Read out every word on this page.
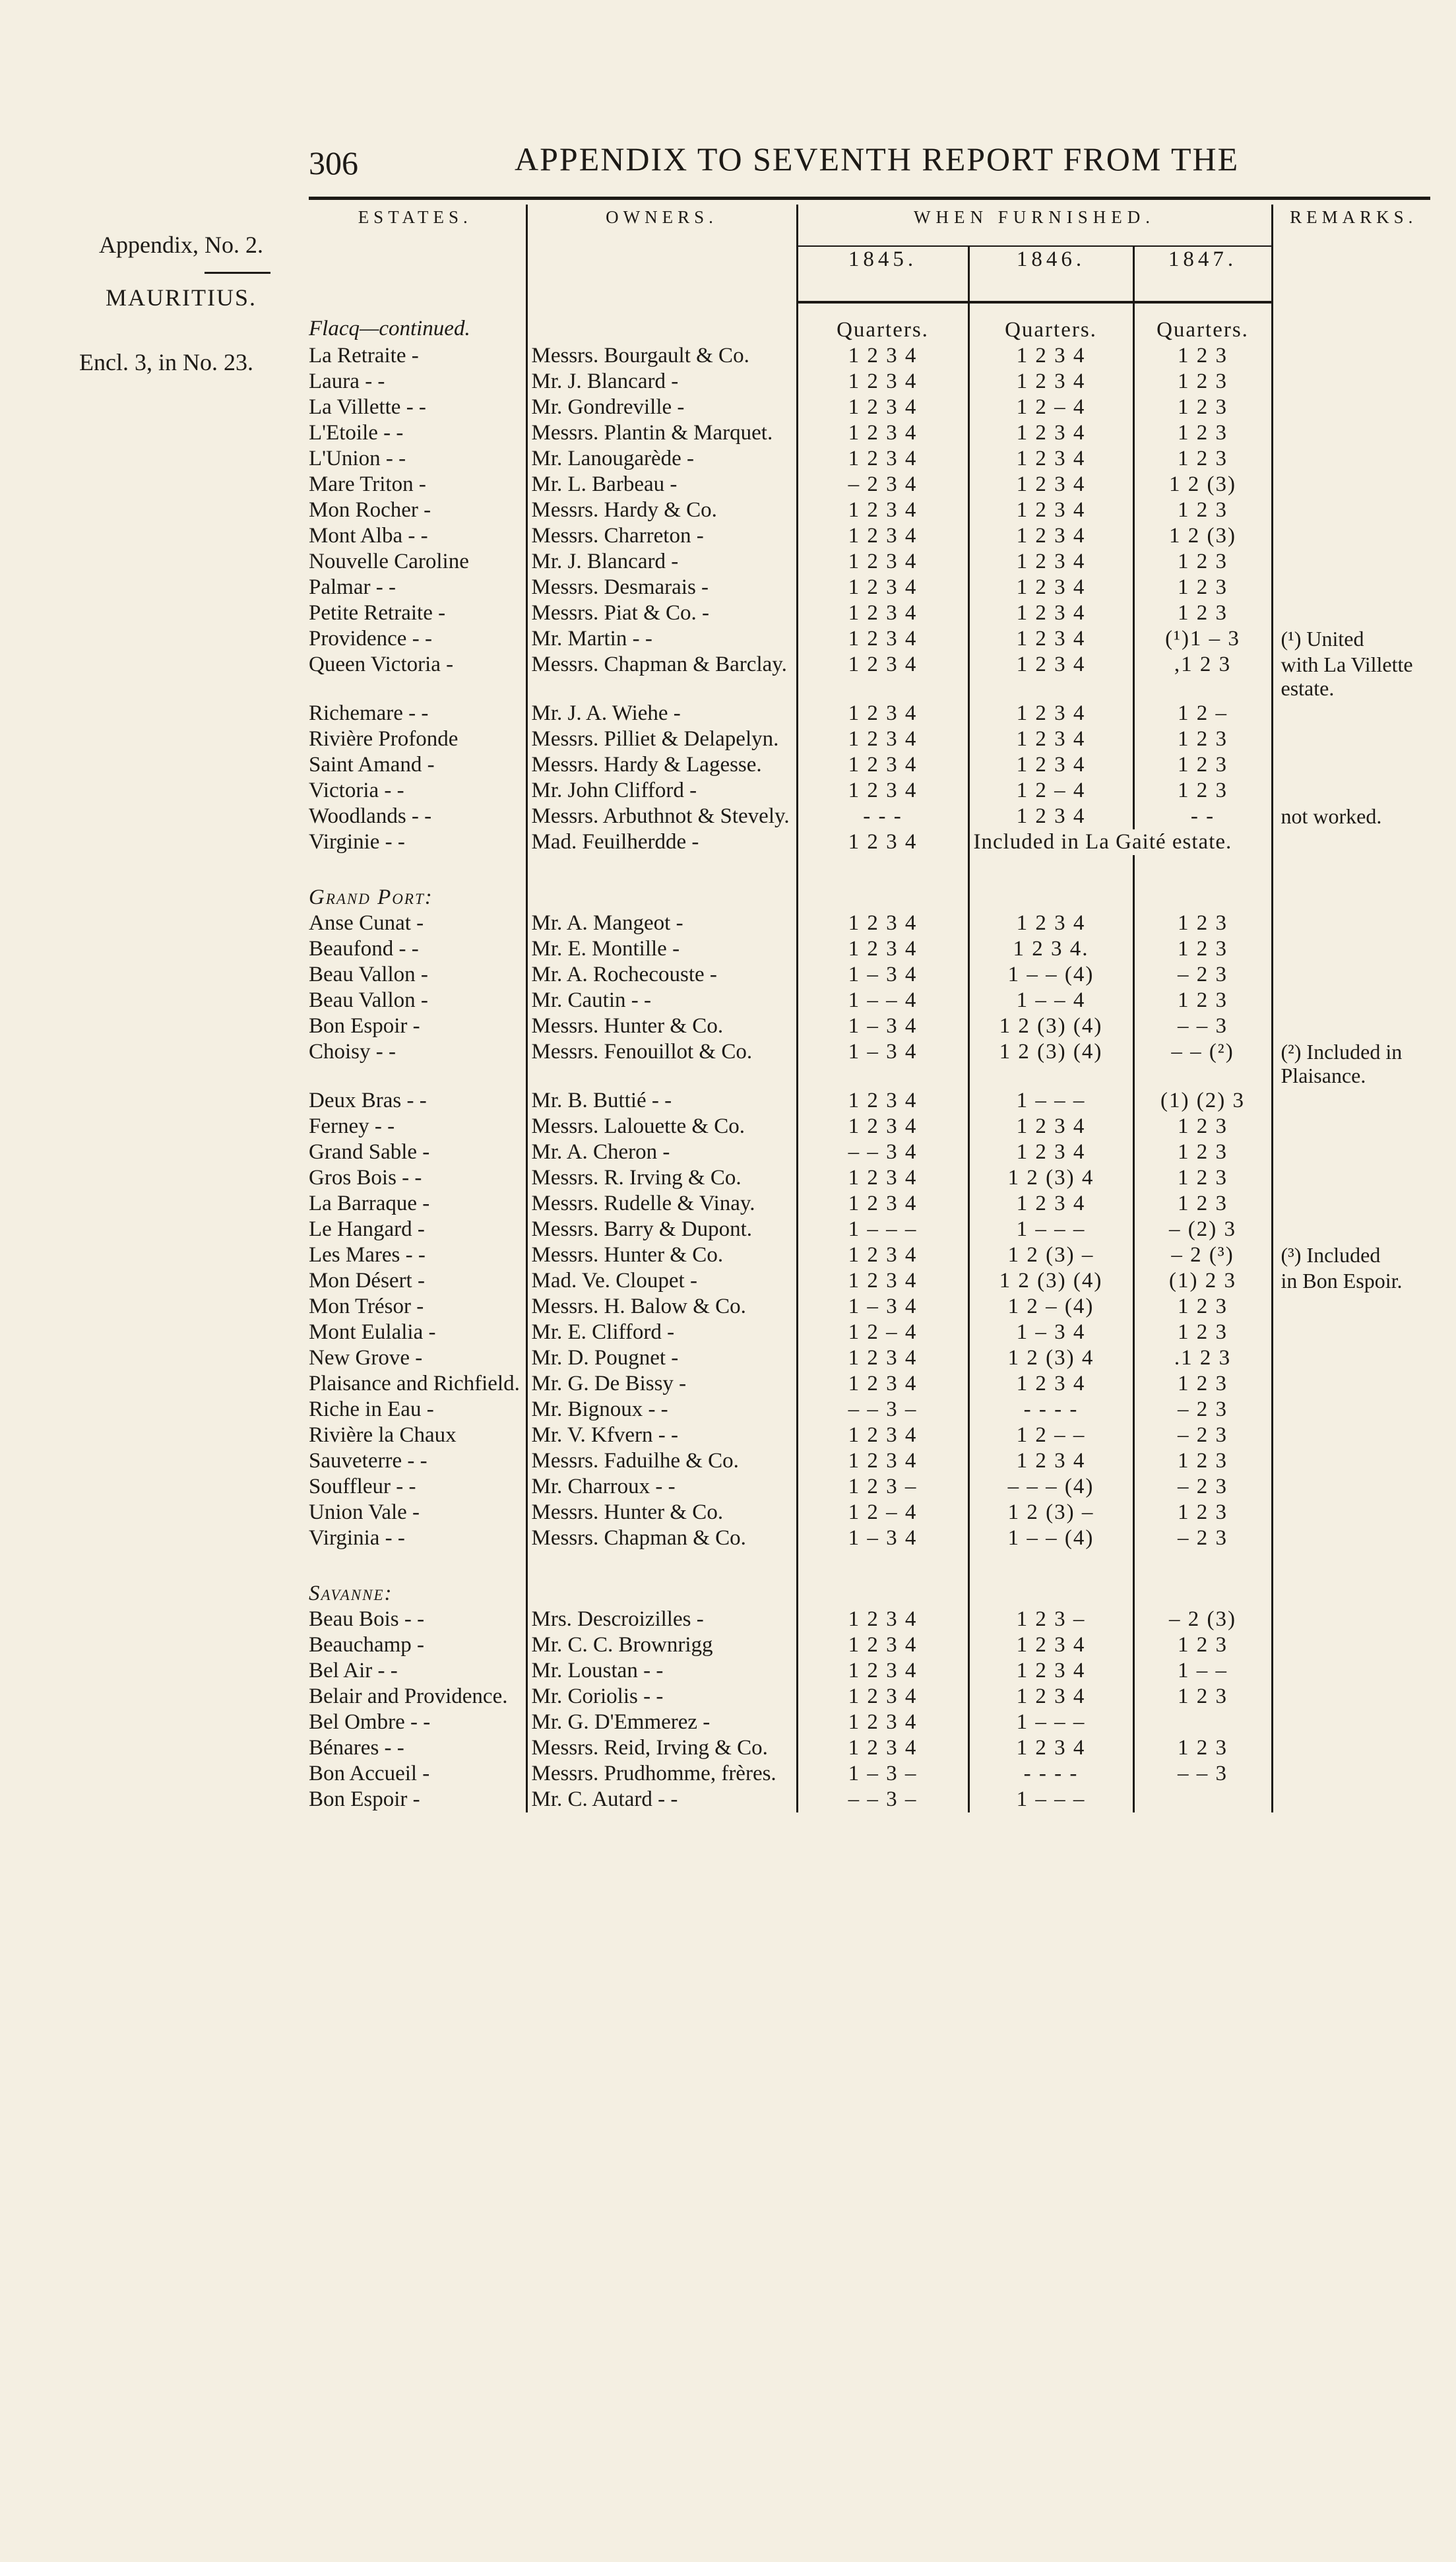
306	APPENDIX TO SEVENTH REPORT FROM THE
Appendix, No. 2.
MAURITIUS.
Encl. 3, in No. 23.
ESTATES.	OWNERS.	WHEN FURNISHED.			REMARKS.
		1845.	1846.	1847.	
Flacq—continued.		Quarters.	Quarters.	Quarters.	
La Retraite -	Messrs. Bourgault & Co.	1 2 3 4	1 2 3 4	1 2 3	
Laura - -	Mr. J. Blancard -	1 2 3 4	1 2 3 4	1 2 3	
La Villette - -	Mr. Gondreville -	1 2 3 4	1 2 – 4	1 2 3	
L'Etoile - -	Messrs. Plantin & Marquet.	1 2 3 4	1 2 3 4	1 2 3	
L'Union - -	Mr. Lanougarède -	1 2 3 4	1 2 3 4	1 2 3	
Mare Triton -	Mr. L. Barbeau -	– 2 3 4	1 2 3 4	1 2 (3)	
Mon Rocher -	Messrs. Hardy & Co.	1 2 3 4	1 2 3 4	1 2 3	
Mont Alba - -	Messrs. Charreton -	1 2 3 4	1 2 3 4	1 2 (3)	
Nouvelle Caroline	Mr. J. Blancard -	1 2 3 4	1 2 3 4	1 2 3	
Palmar - -	Messrs. Desmarais -	1 2 3 4	1 2 3 4	1 2 3	
Petite Retraite -	Messrs. Piat & Co. -	1 2 3 4	1 2 3 4	1 2 3	
Providence - -	Mr. Martin - -	1 2 3 4	1 2 3 4	(¹)1 – 3	(¹) United
Queen Victoria -	Messrs. Chapman & Barclay.	1 2 3 4	1 2 3 4	,1 2 3	with La Villette estate.
Richemare - -	Mr. J. A. Wiehe -	1 2 3 4	1 2 3 4	1 2 –	
Rivière Profonde	Messrs. Pilliet & Delapelyn.	1 2 3 4	1 2 3 4	1 2 3	
Saint Amand -	Messrs. Hardy & Lagesse.	1 2 3 4	1 2 3 4	1 2 3	
Victoria - -	Mr. John Clifford -	1 2 3 4	1 2 – 4	1 2 3	
Woodlands - -	Messrs. Arbuthnot & Stevely.	- - -	1 2 3 4	- -	not worked.
Virginie - -	Mad. Feuilherdde -	1 2 3 4	Included in La Gaité estate.		
Grand Port:					
Anse Cunat -	Mr. A. Mangeot -	1 2 3 4	1 2 3 4	1 2 3	
Beaufond - -	Mr. E. Montille -	1 2 3 4	1 2 3 4.	1 2 3	
Beau Vallon -	Mr. A. Rochecouste -	1 – 3 4	1 – – (4)	– 2 3	
Beau Vallon -	Mr. Cautin - -	1 – – 4	1 – – 4	1 2 3	
Bon Espoir -	Messrs. Hunter & Co.	1 – 3 4	1 2 (3) (4)	– – 3	
Choisy - -	Messrs. Fenouillot & Co.	1 – 3 4	1 2 (3) (4)	– – (²)	(²) Included in Plaisance.
Deux Bras - -	Mr. B. Buttié - -	1 2 3 4	1 – – –	(1) (2) 3	
Ferney - -	Messrs. Lalouette & Co.	1 2 3 4	1 2 3 4	1 2 3	
Grand Sable -	Mr. A. Cheron -	– – 3 4	1 2 3 4	1 2 3	
Gros Bois - -	Messrs. R. Irving & Co.	1 2 3 4	1 2 (3) 4	1 2 3	
La Barraque -	Messrs. Rudelle & Vinay.	1 2 3 4	1 2 3 4	1 2 3	
Le Hangard -	Messrs. Barry & Dupont.	1 – – –	1 – – –	– (2) 3	
Les Mares - -	Messrs. Hunter & Co.	1 2 3 4	1 2 (3) –	– 2 (³)	(³) Included
Mon Désert -	Mad. Ve. Cloupet -	1 2 3 4	1 2 (3) (4)	(1) 2 3	in Bon Espoir.
Mon Trésor -	Messrs. H. Balow & Co.	1 – 3 4	1 2 – (4)	1 2 3	
Mont Eulalia -	Mr. E. Clifford -	1 2 – 4	1 – 3 4	1 2 3	
New Grove -	Mr. D. Pougnet -	1 2 3 4	1 2 (3) 4	.1 2 3	
Plaisance and Richfield.	Mr. G. De Bissy -	1 2 3 4	1 2 3 4	1 2 3	
Riche in Eau -	Mr. Bignoux - -	– – 3 –	- - - -	– 2 3	
Rivière la Chaux	Mr. V. Kfvern - -	1 2 3 4	1 2 – –	– 2 3	
Sauveterre - -	Messrs. Faduilhe & Co.	1 2 3 4	1 2 3 4	1 2 3	
Souffleur - -	Mr. Charroux - -	1 2 3 –	– – – (4)	– 2 3	
Union Vale -	Messrs. Hunter & Co.	1 2 – 4	1 2 (3) –	1 2 3	
Virginia - -	Messrs. Chapman & Co.	1 – 3 4	1 – – (4)	– 2 3	
Savanne:					
Beau Bois - -	Mrs. Descroizilles -	1 2 3 4	1 2 3 –	– 2 (3)	
Beauchamp -	Mr. C. C. Brownrigg	1 2 3 4	1 2 3 4	1 2 3	
Bel Air - -	Mr. Loustan - -	1 2 3 4	1 2 3 4	1 – –	
Belair and Providence.	Mr. Coriolis - -	1 2 3 4	1 2 3 4	1 2 3	
Bel Ombre - -	Mr. G. D'Emmerez -	1 2 3 4	1 – – –		
Bénares - -	Messrs. Reid, Irving & Co.	1 2 3 4	1 2 3 4	1 2 3	
Bon Accueil -	Messrs. Prudhomme, frères.	1 – 3 –	- - - -	– – 3	
Bon Espoir -	Mr. C. Autard - -	– – 3 –	1 – – –		
